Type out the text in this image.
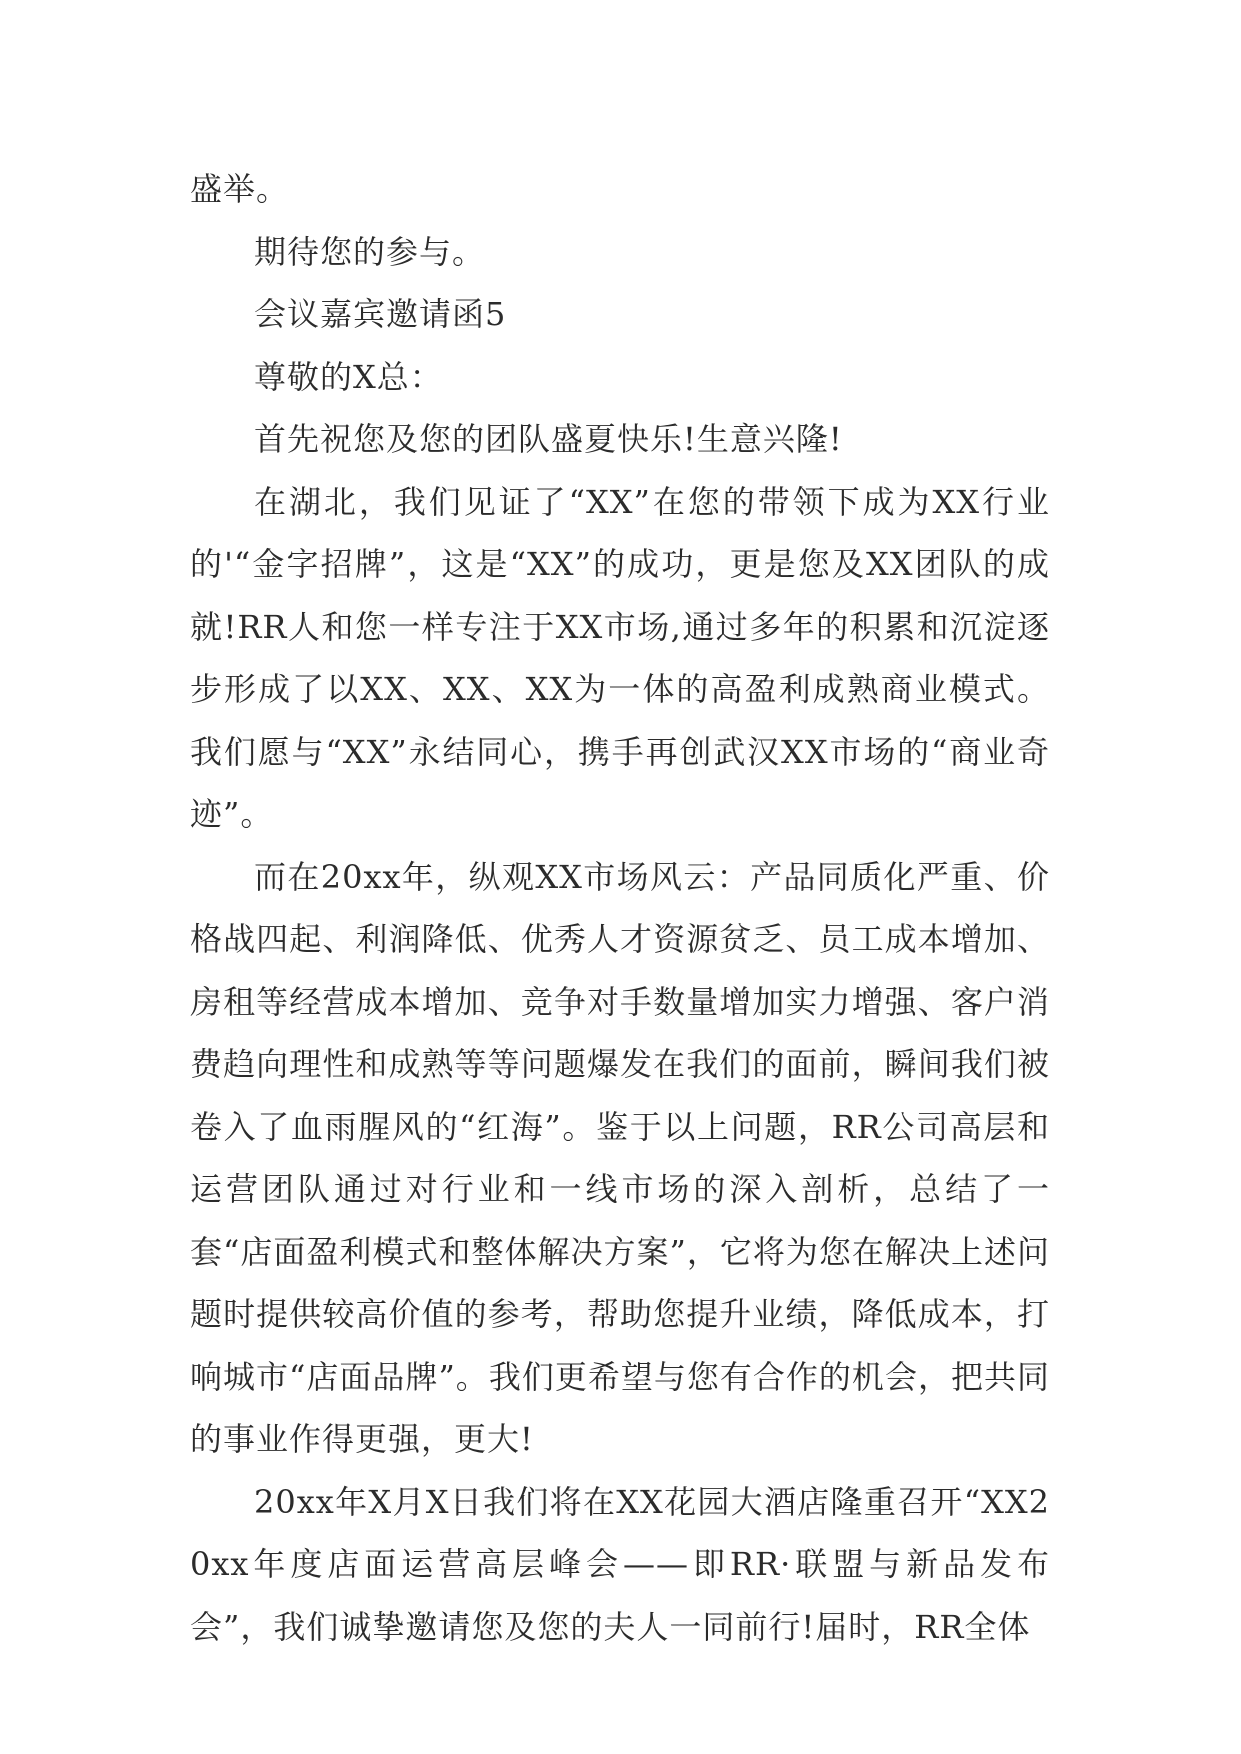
盛举。

期待您的参与。

会议嘉宾邀请函5

尊敬的X总：

首先祝您及您的团队盛夏快乐!生意兴隆!

在湖北，我们见证了“XX”在您的带领下成为XX行业的'“金字招牌”，这是“XX”的成功，更是您及XX团队的成就!RR人和您一样专注于XX市场,通过多年的积累和沉淀逐步形成了以XX、XX、XX为一体的高盈利成熟商业模式。我们愿与“XX”永结同心，携手再创武汉XX市场的“商业奇迹”。

而在20xx年，纵观XX市场风云：产品同质化严重、价格战四起、利润降低、优秀人才资源贫乏、员工成本增加、房租等经营成本增加、竞争对手数量增加实力增强、客户消费趋向理性和成熟等等问题爆发在我们的面前，瞬间我们被卷入了血雨腥风的“红海”。鉴于以上问题，RR公司高层和运营团队通过对行业和一线市场的深入剖析，总结了一套“店面盈利模式和整体解决方案”，它将为您在解决上述问题时提供较高价值的参考，帮助您提升业绩，降低成本，打响城市“店面品牌”。我们更希望与您有合作的机会，把共同的事业作得更强，更大!

20xx年X月X日我们将在XX花园大酒店隆重召开“XX20xx年度店面运营高层峰会——即RR·联盟与新品发布会”，我们诚挚邀请您及您的夫人一同前行!届时，RR全体
